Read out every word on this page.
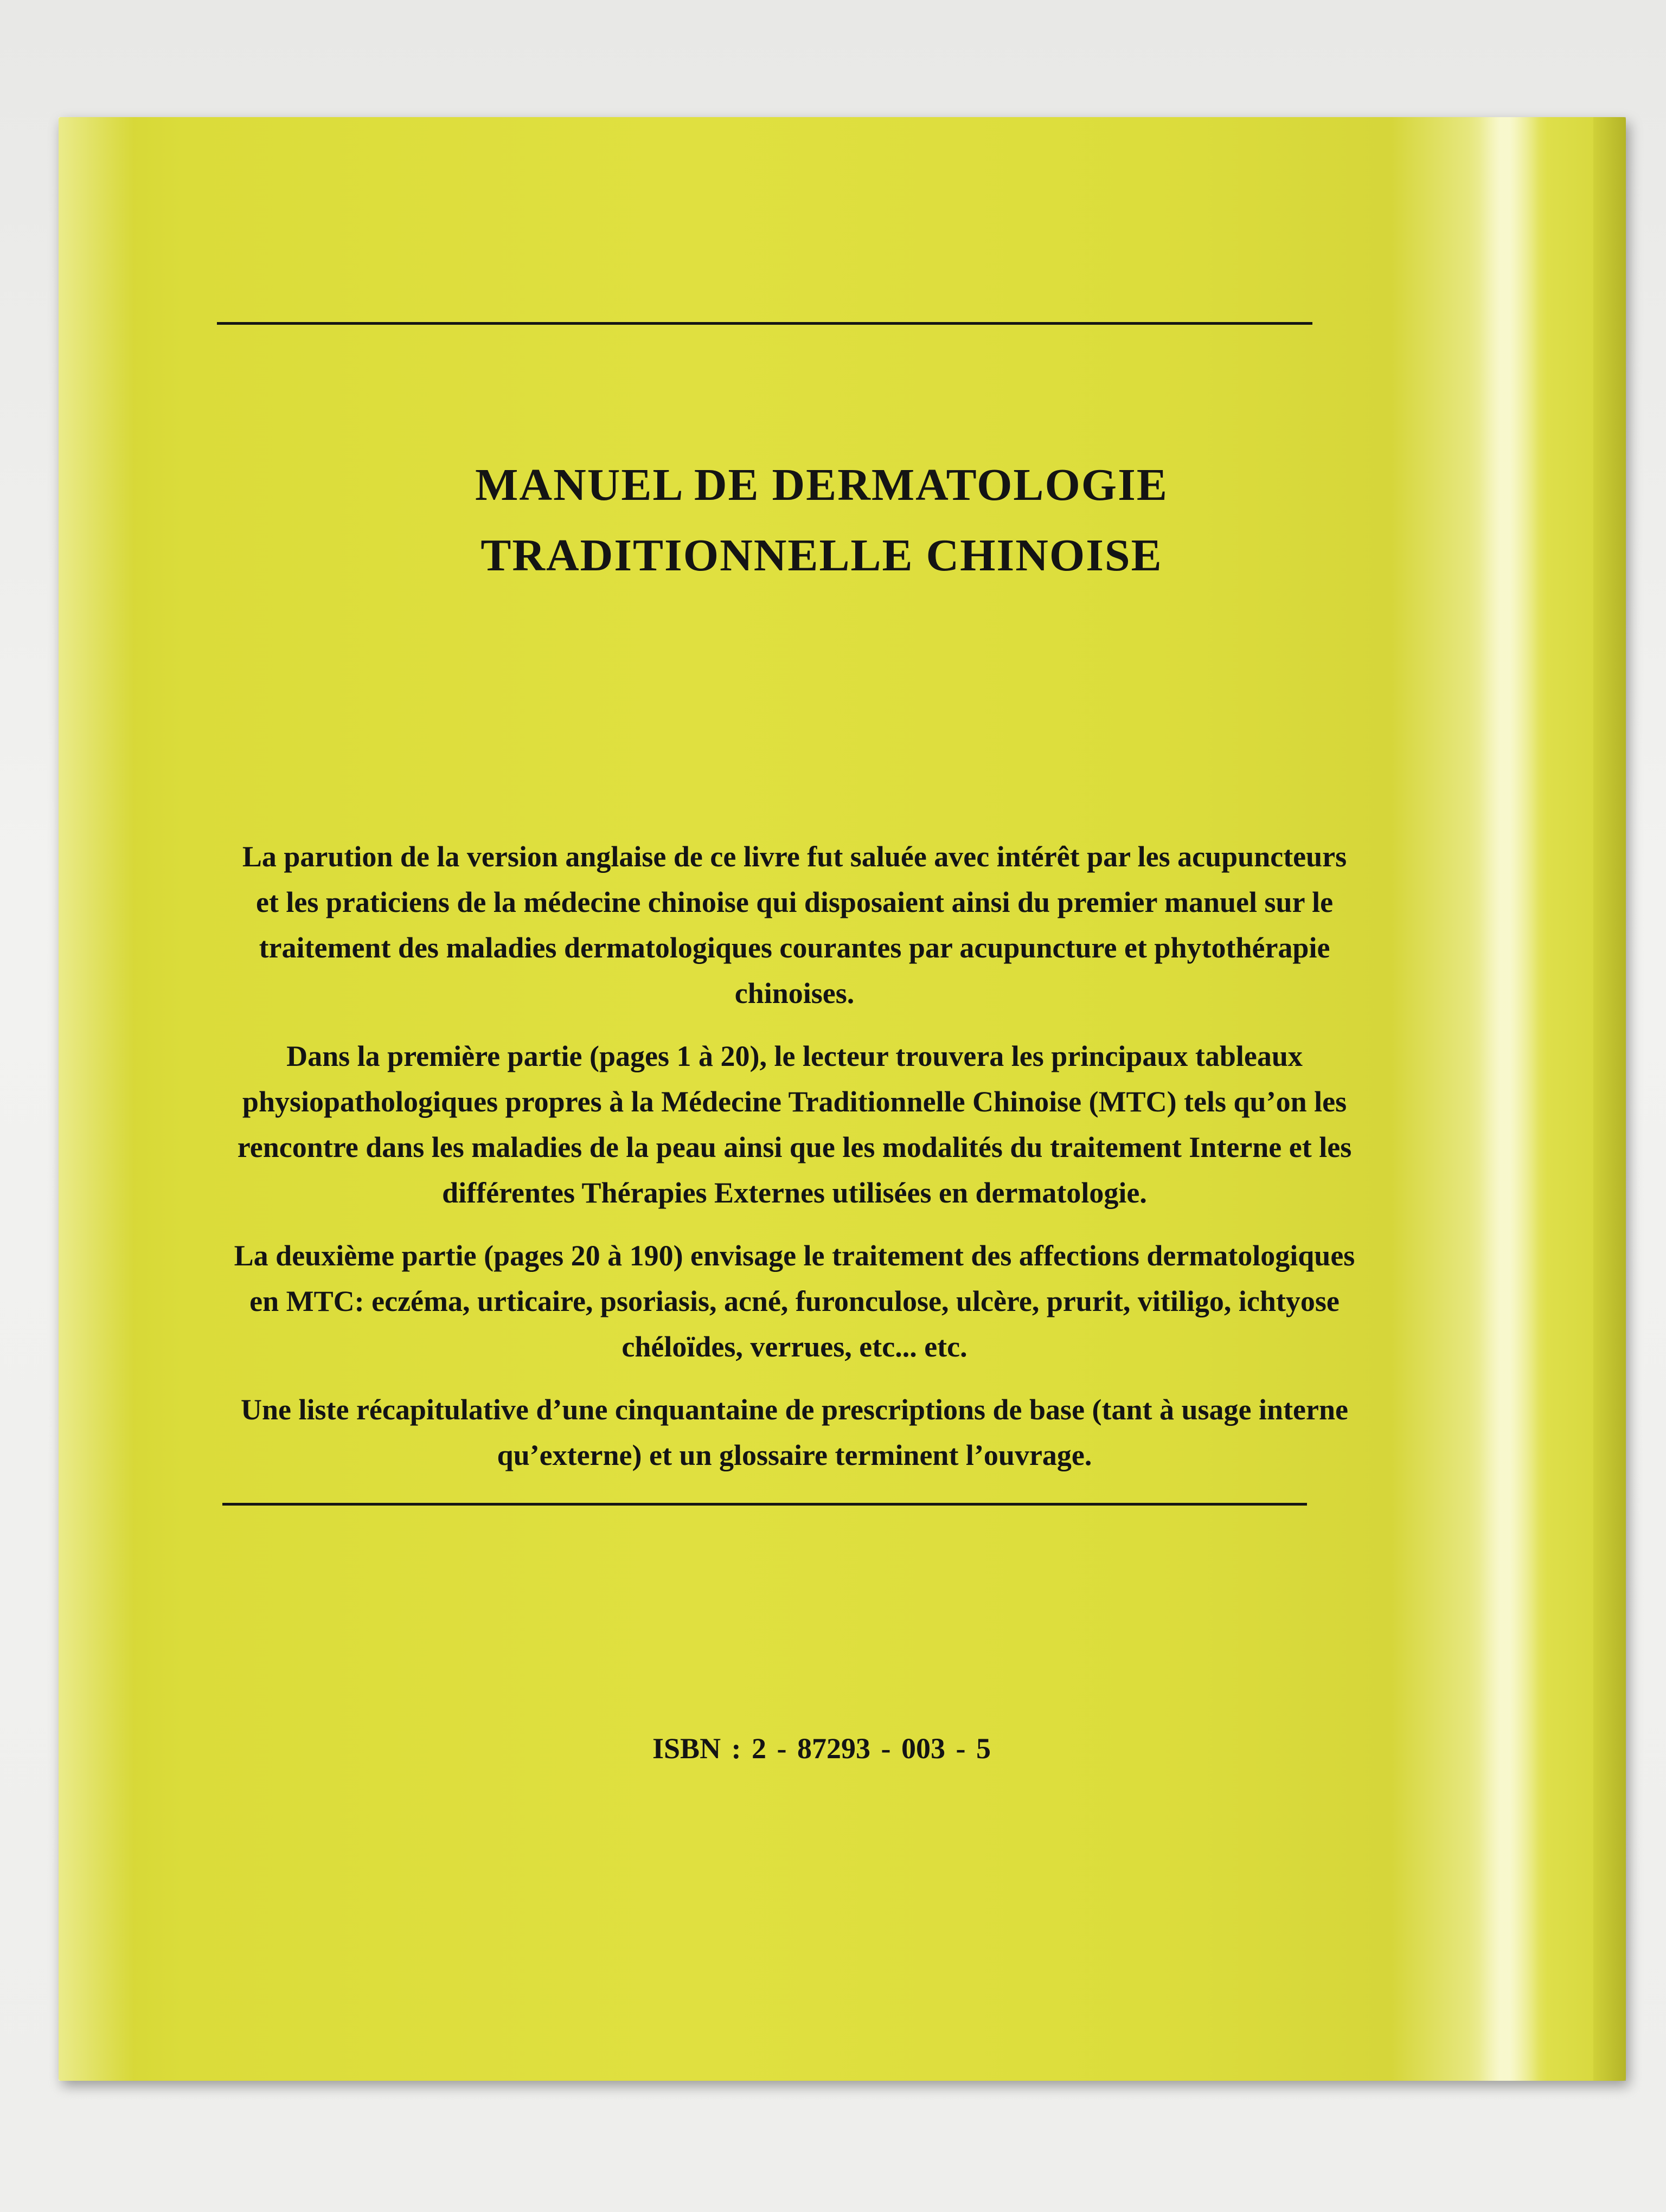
MANUEL DE DERMATOLOGIE
TRADITIONNELLE CHINOISE

La parution de la version anglaise de ce livre fut saluée avec intérêt par les acupuncteurs et les praticiens de la médecine chinoise qui disposaient ainsi du premier manuel sur le traitement des maladies dermatologiques courantes par acupuncture et phytothérapie chinoises.

Dans la première partie (pages 1 à 20), le lecteur trouvera les principaux tableaux physiopathologiques propres à la Médecine Traditionnelle Chinoise (MTC) tels qu’on les rencontre dans les maladies de la peau ainsi que les modalités du traitement Interne et les différentes Thérapies Externes utilisées en dermatologie.

La deuxième partie (pages 20 à 190) envisage le traitement des affections dermatologiques en MTC: eczéma, urticaire, psoriasis, acné, furonculose, ulcère, prurit, vitiligo, ichtyose chéloïdes, verrues, etc... etc.

Une liste récapitulative d’une cinquantaine de prescriptions de base (tant à usage interne qu’externe) et un glossaire terminent l’ouvrage.

ISBN : 2 - 87293 - 003 - 5
